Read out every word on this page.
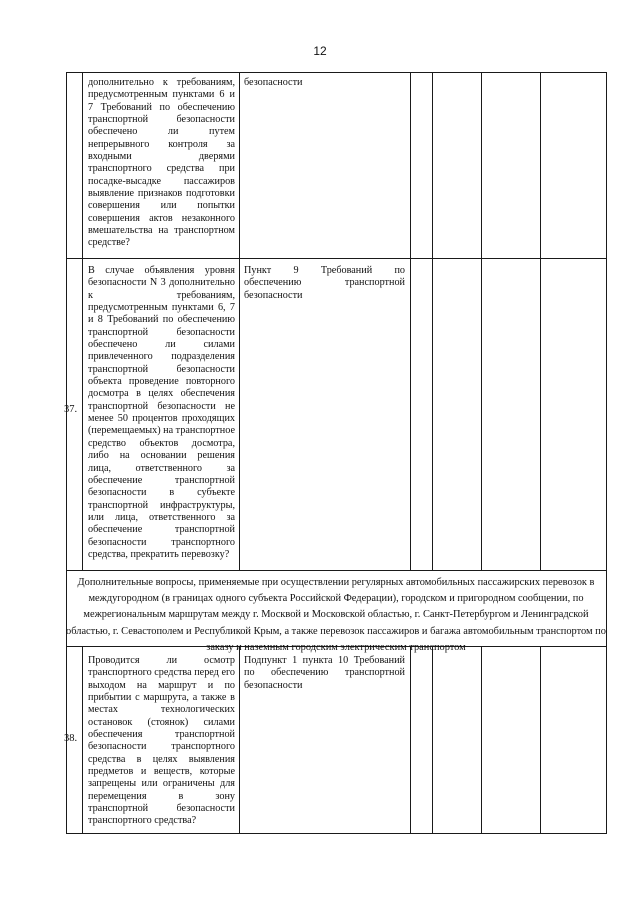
12
дополнительно к требованиям, предусмотренным пунктами 6 и 7 Требований по обеспечению транспортной безопасности обеспечено ли путем непрерывного контроля за входными дверями транспортного средства при посадке-высадке пассажиров выявление признаков подготовки совершения или попытки совершения актов незаконного вмешательства на транспортном средстве?
безопасности
37.
В случае объявления уровня безопасности N 3 дополнительно к требованиям, предусмотренным пунктами 6, 7 и 8 Требований по обеспечению транспортной безопасности обеспечено ли силами привлеченного подразделения транспортной безопасности объекта проведение повторного досмотра в целях обеспечения транспортной безопасности не менее 50 процентов проходящих (перемещаемых) на транспортное средство объектов досмотра, либо на основании решения лица, ответственного за обеспечение транспортной безопасности в субъекте транспортной инфраструктуры, или лица, ответственного за обеспечение транспортной безопасности транспортного средства, прекратить перевозку?
Пункт 9 Требований по обеспечению транспортной безопасности
Дополнительные вопросы, применяемые при осуществлении регулярных автомобильных пассажирских перевозок в междугородном (в границах одного субъекта Российской Федерации), городском и пригородном сообщении, по межрегиональным маршрутам между г. Москвой и Московской областью, г. Санкт-Петербургом и Ленинградской областью, г. Севастополем и Республикой Крым, а также перевозок пассажиров и багажа автомобильным транспортом по заказу и наземным городским электрическим транспортом
38.
Проводится ли осмотр транспортного средства перед его выходом на маршрут и по прибытии с маршрута, а также в местах технологических остановок (стоянок) силами обеспечения транспортной безопасности транспортного средства в целях выявления предметов и веществ, которые запрещены или ограничены для перемещения в зону транспортной безопасности транспортного средства?
Подпункт 1 пункта 10 Требований по обеспечению транспортной безопасности
